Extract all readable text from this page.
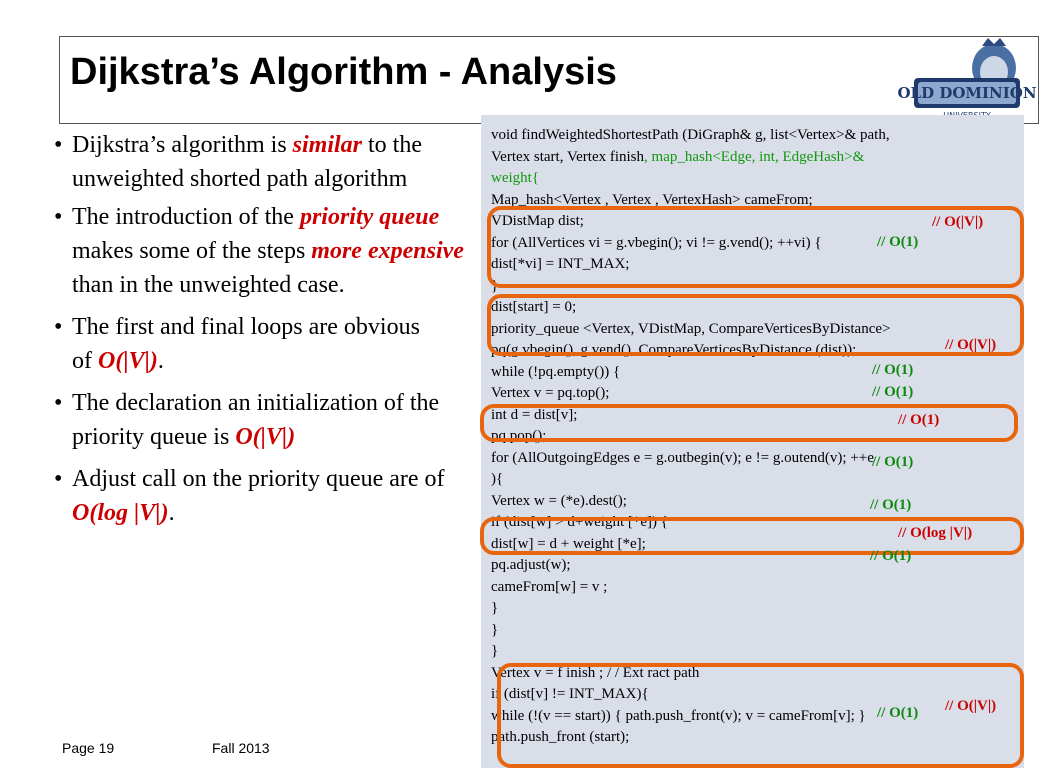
Dijkstra’s Algorithm - Analysis	OLD DOMINION

• Dijkstra’s algorithm is similar to the unweighted shorted path algorithm

• The introduction of the priority queue makes some of the steps more expensive than in the unweighted case.

• The first and final loops are obvious of O(|V|).

• The declaration an initialization of the priority queue is O(|V|)

• Adjust call on the priority queue are of O(log |V|).

void findWeightedShortestPath (DiGraph& g, list<Vertex>& path,
Vertex start, Vertex finish, map_hash<Edge, int, EdgeHash>&
weight{
Map_hash<Vertex , Vertex , VertexHash> cameFrom;
VDistMap dist;
for (AllVertices vi = g.vbegin(); vi != g.vend(); ++vi) {
dist[*vi] = INT_MAX;
}
dist[start] = 0;
priority_queue <Vertex, VDistMap, CompareVerticesByDistance>
pq(g.vbegin(), g.vend(), CompareVerticesByDistance (dist));
while (!pq.empty()) {
Vertex v = pq.top();
int d = dist[v];
pq.pop();
for (AllOutgoingEdges e = g.outbegin(v); e != g.outend(v); ++e
){
Vertex w = (*e).dest();
if (dist[w] > d+weight [*e]) {
dist[w] = d + weight [*e];
pq.adjust(w);
cameFrom[w] = v ;
}
}
}
Vertex v = f inish ; / / Ext ract path
if (dist[v] != INT_MAX){
while (!(v == start)) { path.push_front(v); v = cameFrom[v]; }
path.push_front (start);
// O(|V|)
// O(1)
// O(|V|)
// O(1)
// O(1)
// O(1)
// O(1)
// O(1)
// O(log |V|)
// O(1)
// O(|V|)
// O(1)
Page 19	Fall 2013
